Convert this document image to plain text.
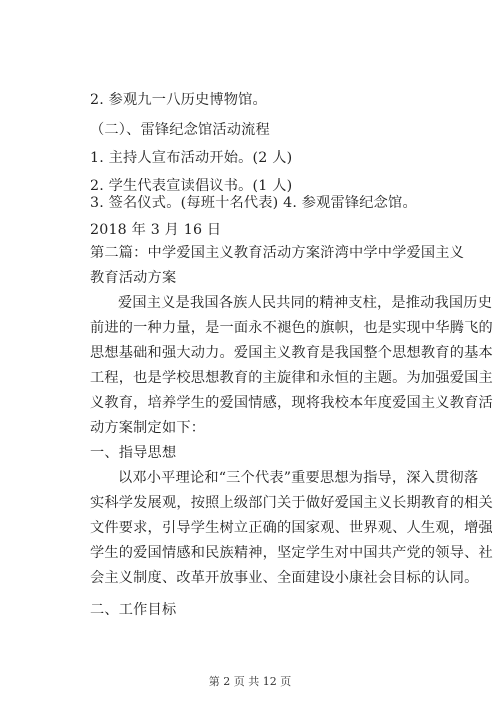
2. 参观九一八历史博物馆。
（二）、雷锋纪念馆活动流程
1. 主持人宣布活动开始。(2 人)
2. 学生代表宣读倡议书。(1 人)
3. 签名仪式。(每班十名代表) 4. 参观雷锋纪念馆。
2018 年 3 月 16 日
第二篇：中学爱国主义教育活动方案浒湾中学中学爱国主义
教育活动方案
爱国主义是我国各族人民共同的精神支柱，是推动我国历史
前进的一种力量，是一面永不褪色的旗帜，也是实现中华腾飞的
思想基础和强大动力。爱国主义教育是我国整个思想教育的基本
工程，也是学校思想教育的主旋律和永恒的主题。为加强爱国主
义教育，培养学生的爱国情感，现将我校本年度爱国主义教育活
动方案制定如下：
一、指导思想
以邓小平理论和“三个代表”重要思想为指导，深入贯彻落
实科学发展观，按照上级部门关于做好爱国主义长期教育的相关
文件要求，引导学生树立正确的国家观、世界观、人生观，增强
学生的爱国情感和民族精神，坚定学生对中国共产党的领导、社
会主义制度、改革开放事业、全面建设小康社会目标的认同。
二、工作目标
第 2 页 共 12 页
